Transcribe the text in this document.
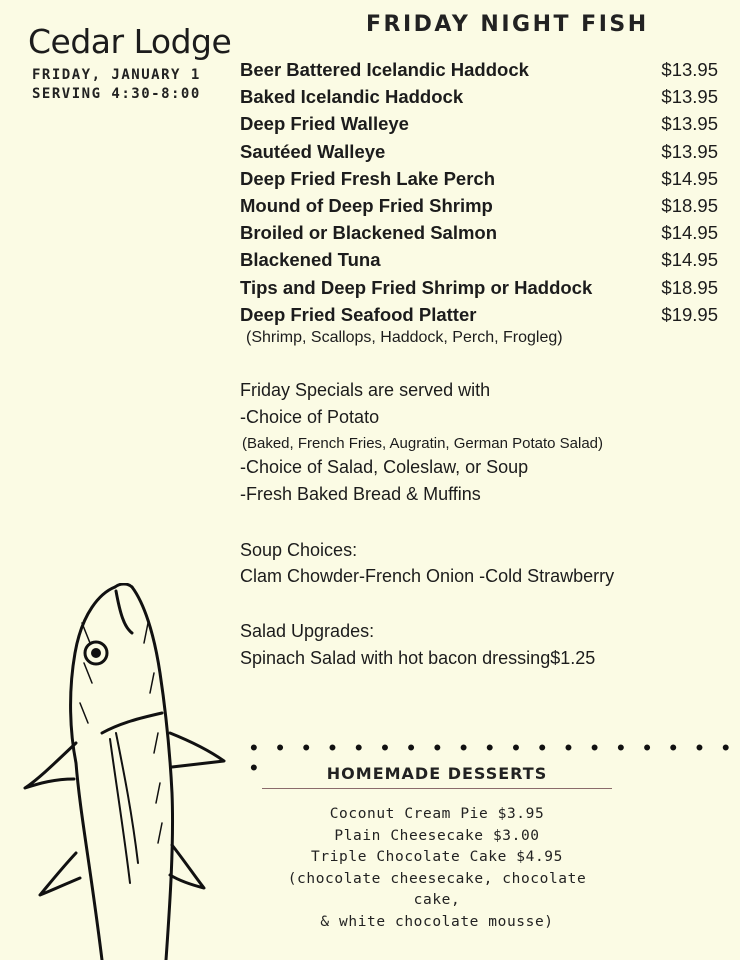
Cedar Lodge
FRIDAY, JANUARY 1
SERVING 4:30-8:00
FRIDAY NIGHT FISH
Beer Battered Icelandic Haddock	$13.95
Baked Icelandic Haddock	$13.95
Deep Fried Walleye	$13.95
Sautéed Walleye	$13.95
Deep Fried Fresh Lake Perch	$14.95
Mound of Deep Fried Shrimp	$18.95
Broiled or Blackened Salmon	$14.95
Blackened Tuna	$14.95
Tips and Deep Fried Shrimp or Haddock	$18.95
Deep Fried Seafood Platter	$19.95
(Shrimp, Scallops, Haddock, Perch, Frogleg)
Friday Specials are served with
-Choice of Potato
(Baked, French Fries, Augratin, German Potato Salad)
-Choice of Salad, Coleslaw, or Soup
-Fresh Baked Bread & Muffins
Soup Choices:
Clam Chowder-French Onion -Cold Strawberry
Salad Upgrades:
Spinach Salad with hot bacon dressing$1.25
• • • • • • • • • • • • • • • • • • • •	HOMEMADE DESSERTS
Coconut Cream Pie $3.95
Plain Cheesecake $3.00
Triple Chocolate Cake $4.95
(chocolate cheesecake, chocolate cake,
& white chocolate mousse)
